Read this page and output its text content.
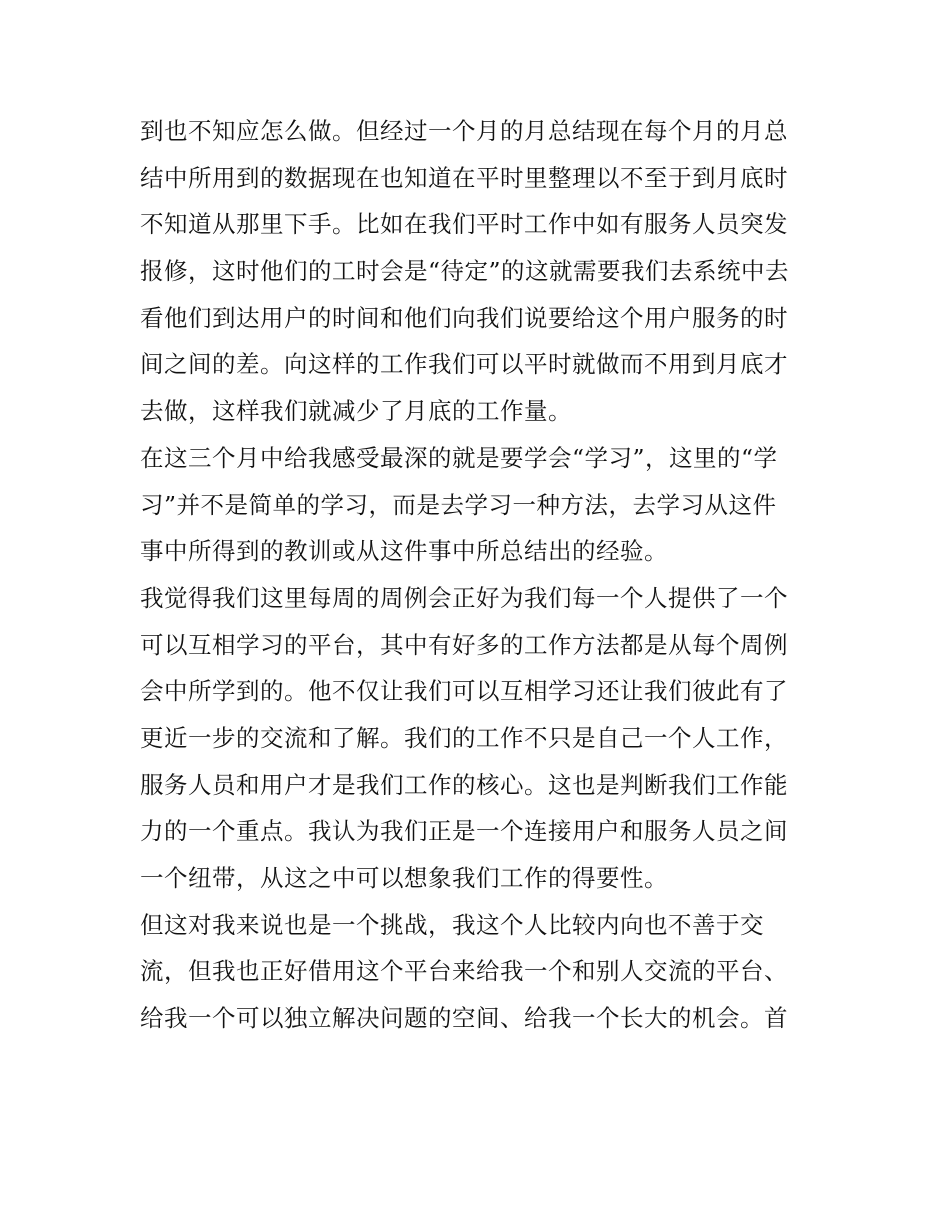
到也不知应怎么做。但经过一个月的月总结现在每个月的月总
结中所用到的数据现在也知道在平时里整理以不至于到月底时
不知道从那里下手。比如在我们平时工作中如有服务人员突发
报修，这时他们的工时会是“待定”的这就需要我们去系统中去
看他们到达用户的时间和他们向我们说要给这个用户服务的时
间之间的差。向这样的工作我们可以平时就做而不用到月底才
去做，这样我们就减少了月底的工作量。
在这三个月中给我感受最深的就是要学会“学习”，这里的“学
习”并不是简单的学习，而是去学习一种方法，去学习从这件
事中所得到的教训或从这件事中所总结出的经验。
我觉得我们这里每周的周例会正好为我们每一个人提供了一个
可以互相学习的平台，其中有好多的工作方法都是从每个周例
会中所学到的。他不仅让我们可以互相学习还让我们彼此有了
更近一步的交流和了解。我们的工作不只是自己一个人工作，
服务人员和用户才是我们工作的核心。这也是判断我们工作能
力的一个重点。我认为我们正是一个连接用户和服务人员之间
一个纽带，从这之中可以想象我们工作的得要性。
但这对我来说也是一个挑战，我这个人比较内向也不善于交
流，但我也正好借用这个平台来给我一个和别人交流的平台、
给我一个可以独立解决问题的空间、给我一个长大的机会。首
